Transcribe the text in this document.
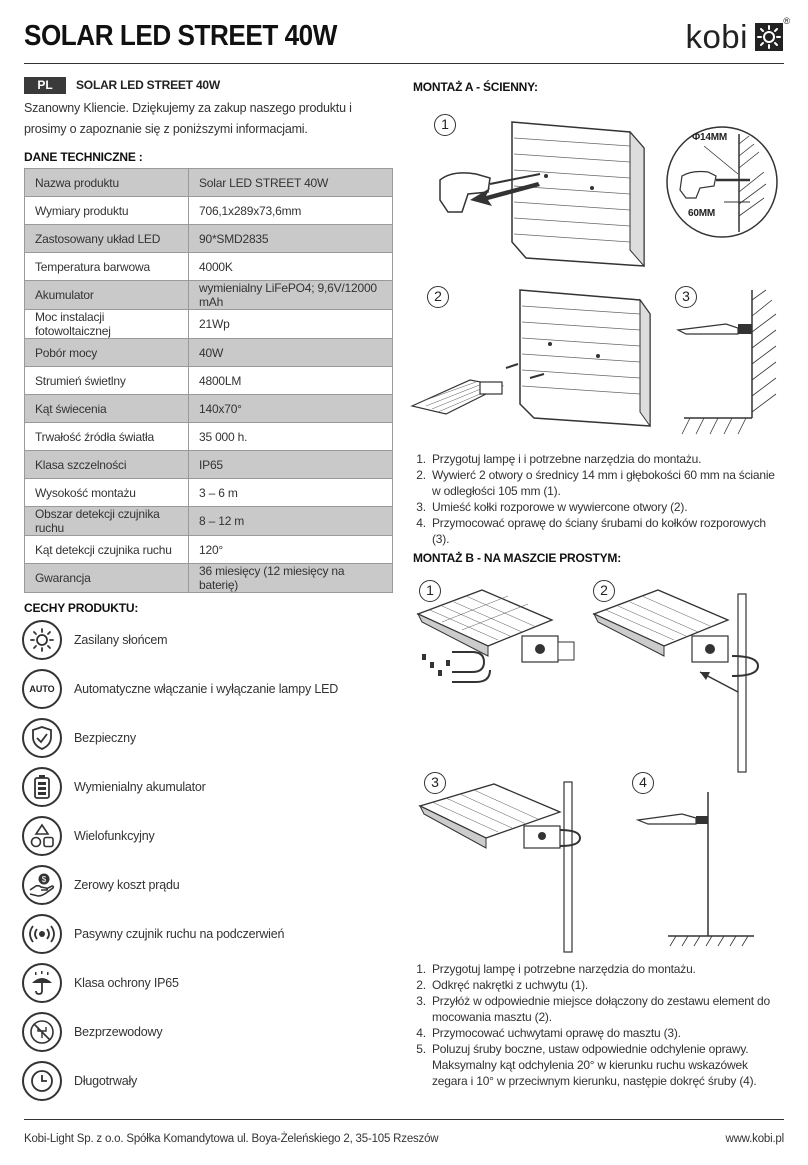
SOLAR LED STREET 40W	kobi	®
PL	SOLAR LED STREET 40W
Szanowny Kliencie. Dziękujemy za zakup naszego produktu i prosimy o zapoznanie się z poniższymi informacjami.
DANE TECHNICZNE :
Nazwa produktu	Solar LED STREET 40W
Wymiary produktu	706,1x289x73,6mm
Zastosowany układ LED	90*SMD2835
Temperatura barwowa	4000K
Akumulator	wymienialny LiFePO4; 9,6V/12000 mAh
Moc instalacji fotowoltaicznej	21Wp
Pobór mocy	40W
Strumień świetlny	4800LM
Kąt świecenia	140x70°
Trwałość źródła światła	35 000 h.
Klasa szczelności	IP65
Wysokość montażu	3 – 6 m
Obszar detekcji czujnika ruchu	8 – 12 m
Kąt detekcji czujnika ruchu	120°
Gwarancja	36 miesięcy (12 miesięcy na baterię)
CECHY PRODUKTU:
Zasilany słońcem
AUTO Automatyczne włączanie i wyłączanie lampy LED
Bezpieczny
Wymienialny akumulator
Wielofunkcyjny
$ Zerowy koszt prądu
Pasywny czujnik ruchu na podczerwień
Klasa ochrony IP65
Bezprzewodowy
Długotrwały
MONTAŻ A - ŚCIENNY:
1
Φ14MM
60MM
2	3
1. Przygotuj lampę i i potrzebne narzędzia do montażu.
2. Wywierć 2 otwory o średnicy 14 mm i głębokości 60 mm na ścianie w odległości 105 mm (1).
3. Umieść kołki rozporowe w wywierconе otwory (2).
4. Przymocować oprawę do ściany śrubami do kołków rozporowych (3).
MONTAŻ B - NA MASZCIE PROSTYM:
1	2
3	4
1. Przygotuj lampę i potrzebne narzędzia do montażu.
2. Odkręć nakrętki z uchwytu (1).
3. Przyłóż w odpowiednie miejsce dołączony do zestawu element do mocowania masztu (2).
4. Przymocować uchwytami oprawę do masztu (3).
5. Poluzuj śruby boczne, ustaw odpowiednie odchylenie oprawy. Maksymalny kąt odchylenia 20° w kierunku ruchu wskazówek zegara i 10° w przeciwnym kierunku, następie dokręć śruby (4).
Kobi-Light Sp. z o.o. Spółka Komandytowa ul. Boya-Żeleńskiego 2, 35-105 Rzeszów	www.kobi.pl
